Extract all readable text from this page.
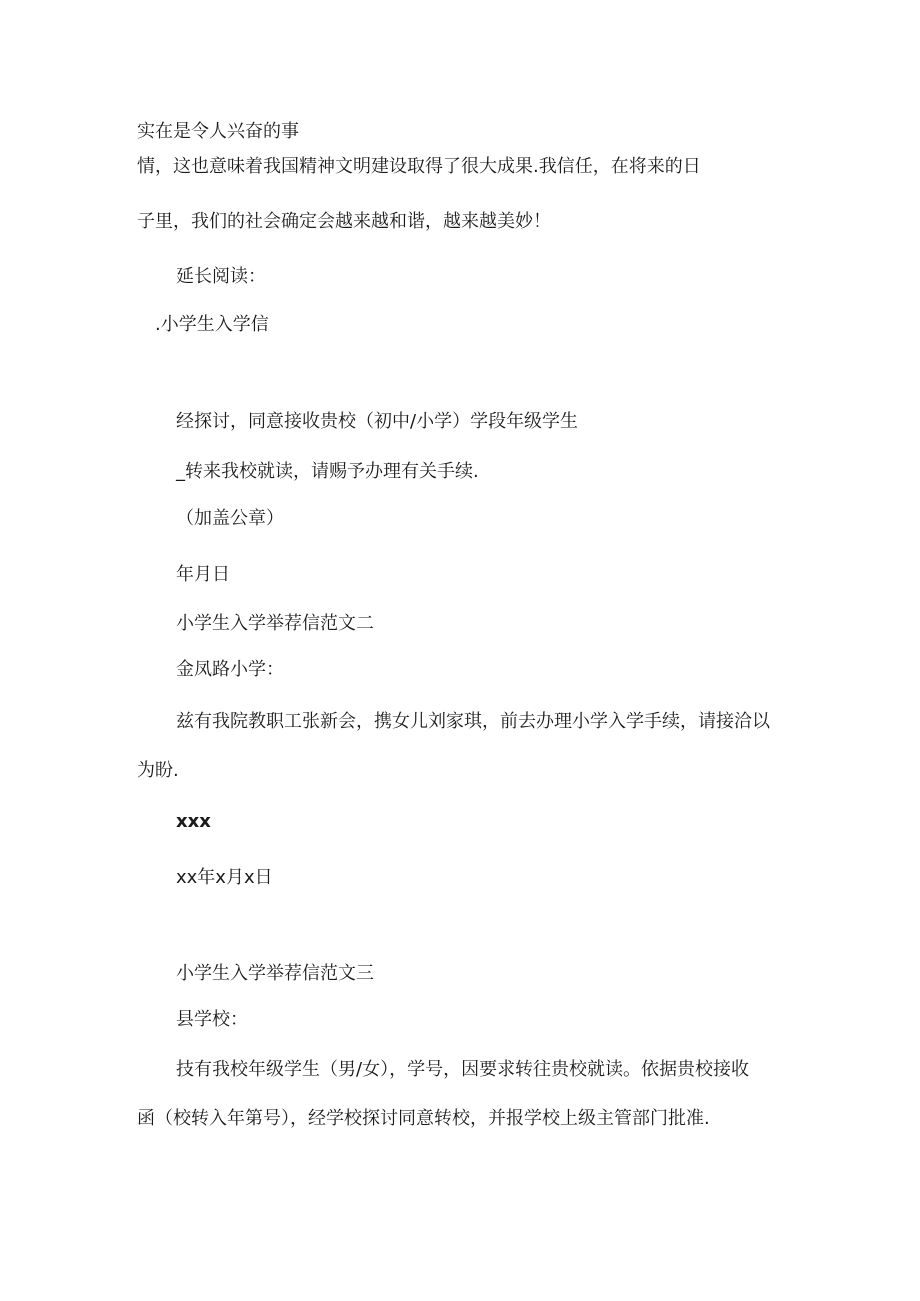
实在是令人兴奋的事

情，这也意味着我国精神文明建设取得了很大成果.我信任，在将来的日

子里，我们的社会确定会越来越和谐，越来越美妙！

延长阅读：

.小学生入学信

经探讨，同意接收贵校（初中/小学）学段年级学生

_转来我校就读，请赐予办理有关手续.

（加盖公章）

年月日

小学生入学举荐信范文二

金凤路小学：

兹有我院教职工张新会，携女儿刘家琪，前去办理小学入学手续，请接洽以

为盼.

xxx

xx年x月x日

小学生入学举荐信范文三

县学校：

技有我校年级学生（男/女），学号，因要求转往贵校就读。依据贵校接收

函（校转入年第号），经学校探讨同意转校，并报学校上级主管部门批准.
